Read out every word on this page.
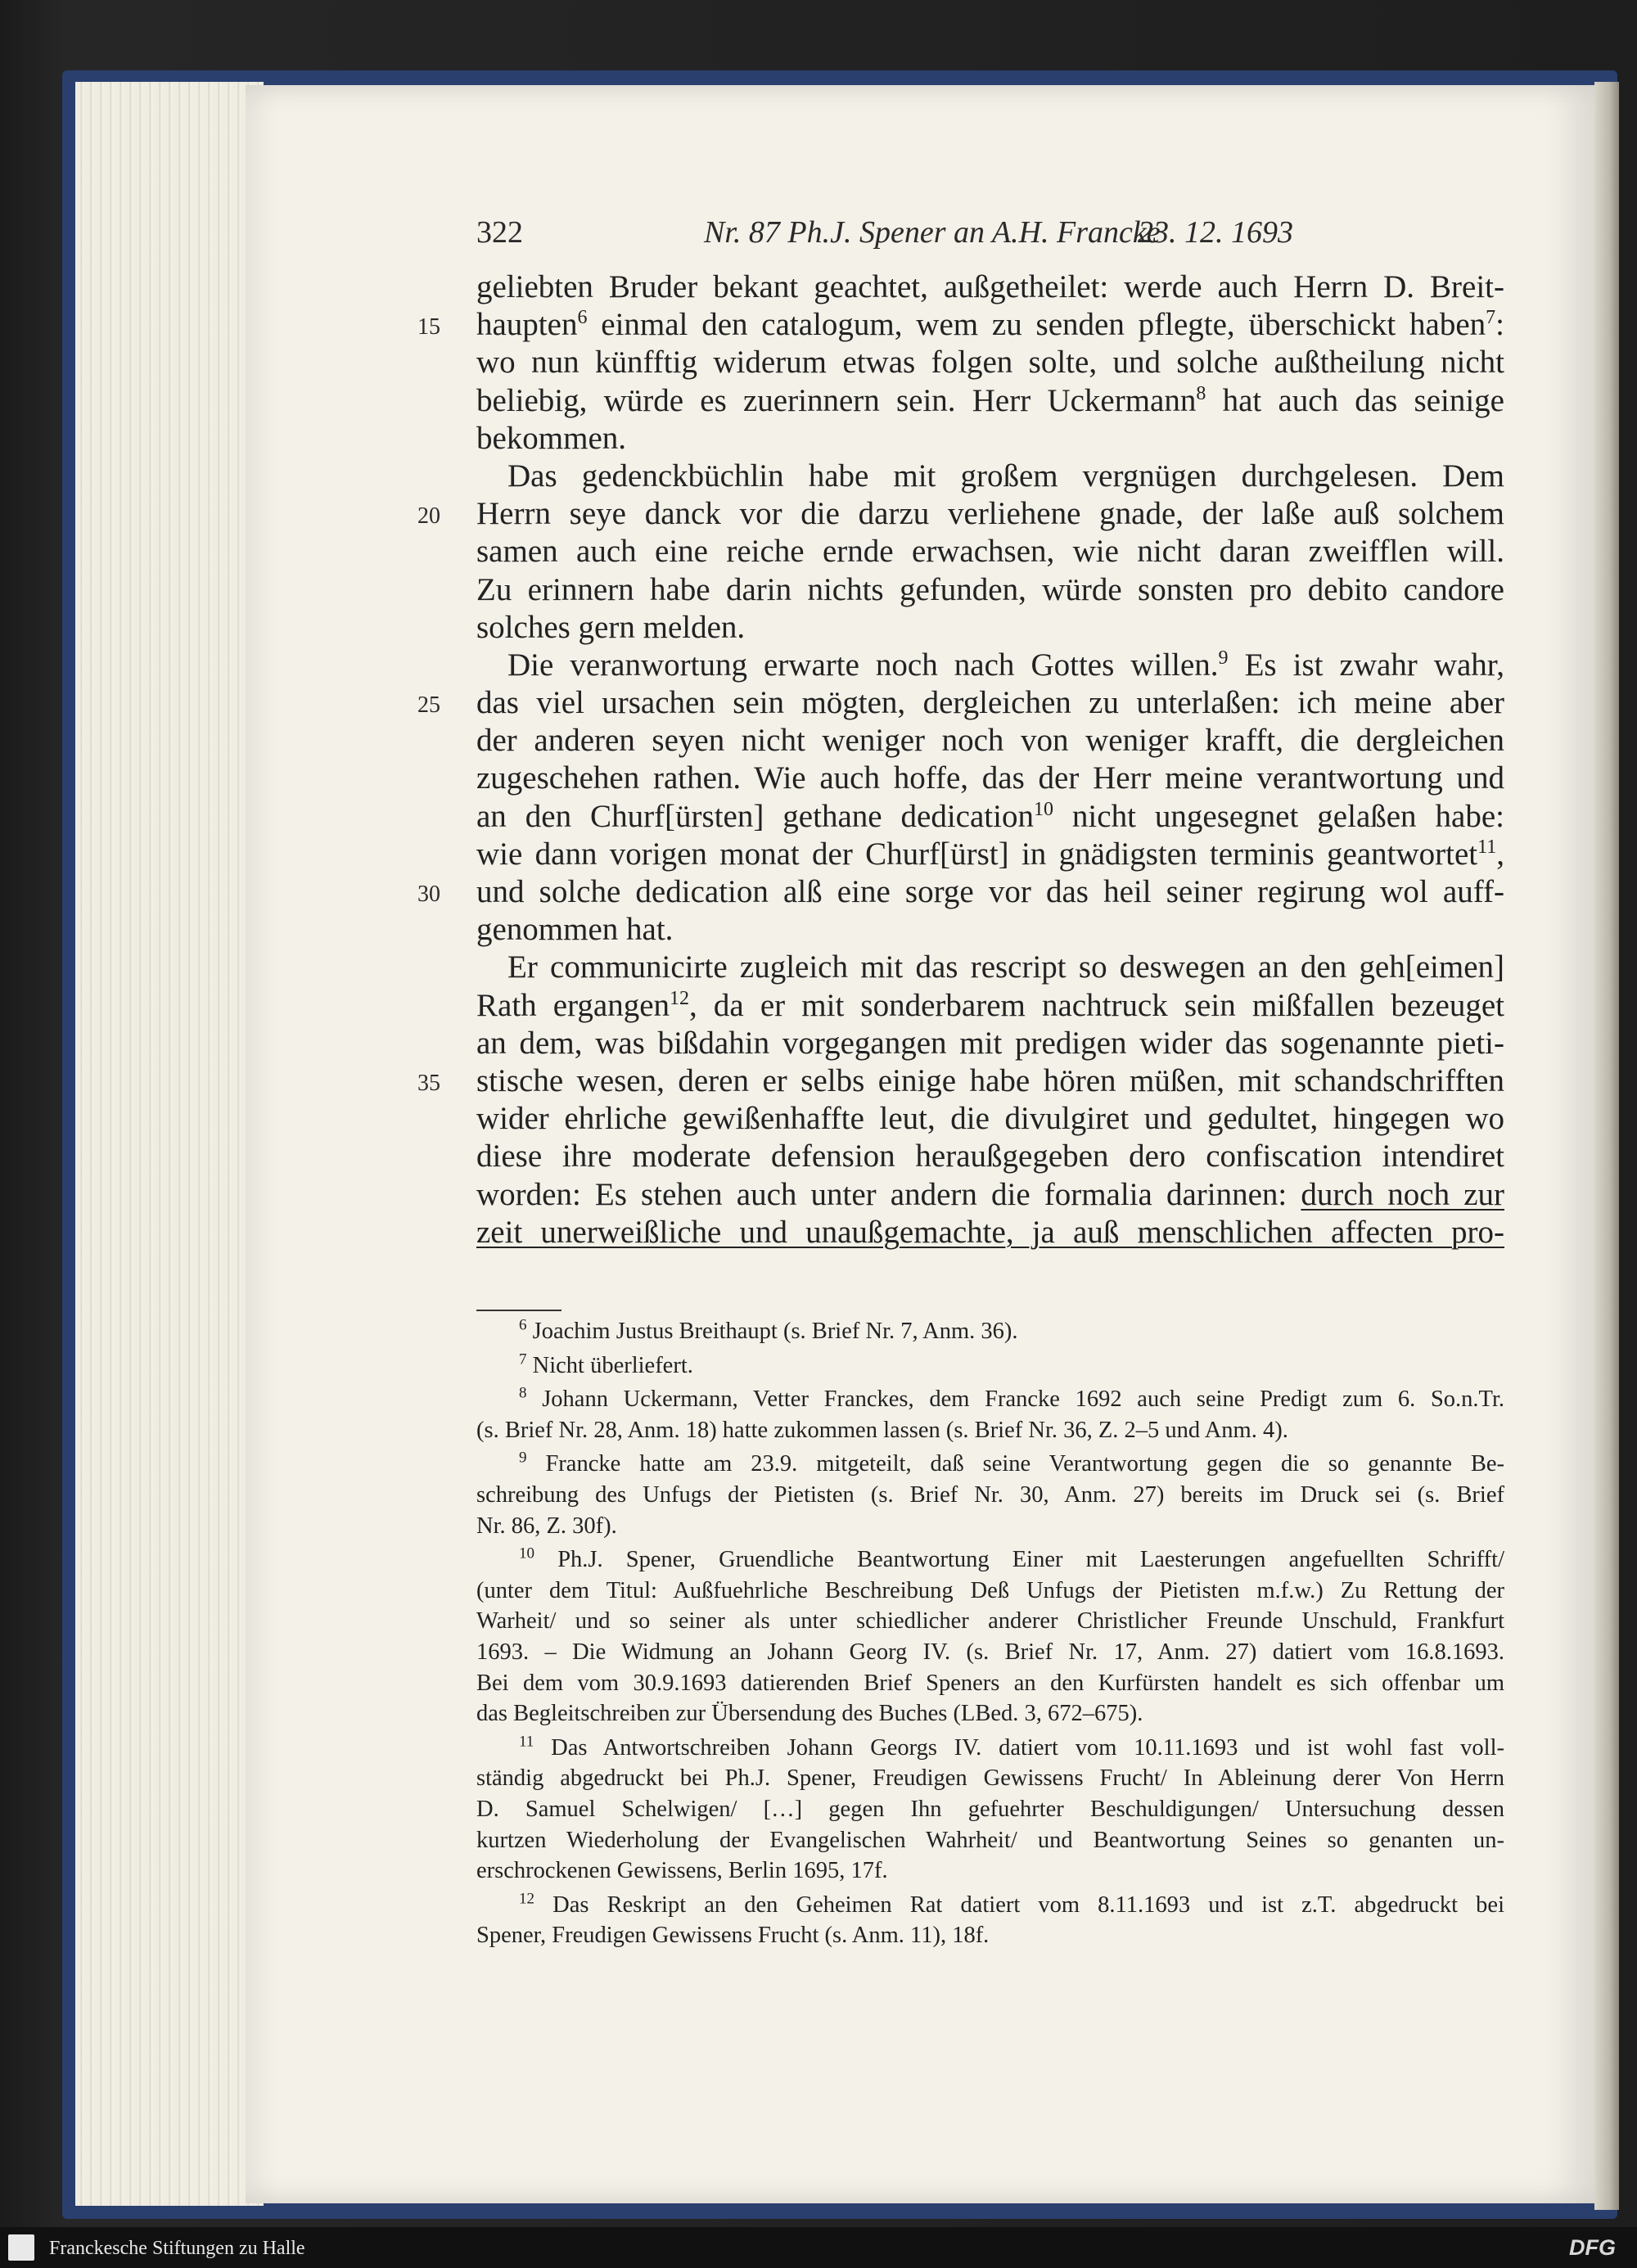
322	Nr. 87 Ph.J. Spener an A.H. Francke
23. 12. 1693
15
20
25
30
35
geliebten Bruder bekant geachtet, außgetheilet: werde auch Herrn D. Breit-
haupten$^6$ einmal den catalogum, wem zu senden pflegte, überschickt haben$^7$:
wo nun künfftig widerum etwas folgen solte, und solche außtheilung nicht
beliebig, würde es zuerinnern sein. Herr Uckermann$^8$ hat auch das seinige
bekommen.
Das gedenckbüchlin habe mit großem vergnügen durchgelesen. Dem
Herrn seye danck vor die darzu verliehene gnade, der laße auß solchem
samen auch eine reiche ernde erwachsen, wie nicht daran zweifflen will.
Zu erinnern habe darin nichts gefunden, würde sonsten pro debito candore
solches gern melden.
Die veranwortung erwarte noch nach Gottes willen.$^9$ Es ist zwahr wahr,
das viel ursachen sein mögten, dergleichen zu unterlaßen: ich meine aber
der anderen seyen nicht weniger noch von weniger krafft, die dergleichen
zugeschehen rathen. Wie auch hoffe, das der Herr meine verantwortung und
an den Churf[ürsten] gethane dedication$^{10}$ nicht ungesegnet gelaßen habe:
wie dann vorigen monat der Churf[ürst] in gnädigsten terminis geantwortet$^{11}$,
und solche dedication alß eine sorge vor das heil seiner regirung wol auff-
genommen hat.
Er communicirte zugleich mit das rescript so deswegen an den geh[eimen]
Rath ergangen$^{12}$, da er mit sonderbarem nachtruck sein mißfallen bezeuget
an dem, was bißdahin vorgegangen mit predigen wider das sogenannte pieti-
stische wesen, deren er selbs einige habe hören müßen, mit schandschrifften
wider ehrliche gewißenhaffte leut, die divulgiret und gedultet, hingegen wo
diese ihre moderate defension heraußgegeben dero confiscation intendiret
worden: Es stehen auch unter andern die formalia darinnen: durch noch zur
zeit unerweißliche und unaußgemachte, ja auß menschlichen affecten pro-
$^6$ Joachim Justus Breithaupt (s. Brief Nr. 7, Anm. 36).
$^7$ Nicht überliefert.
$^8$ Johann Uckermann, Vetter Franckes, dem Francke 1692 auch seine Predigt zum 6. So.n.Tr.
(s. Brief Nr. 28, Anm. 18) hatte zukommen lassen (s. Brief Nr. 36, Z. 2–5 und Anm. 4).
$^9$ Francke hatte am 23.9. mitgeteilt, daß seine Verantwortung gegen die so genannte Be-
schreibung des Unfugs der Pietisten (s. Brief Nr. 30, Anm. 27) bereits im Druck sei (s. Brief
Nr. 86, Z. 30f).
$^{10}$ Ph.J. Spener, Gruendliche Beantwortung Einer mit Laesterungen angefuellten Schrifft/
(unter dem Titul: Außfuehrliche Beschreibung Deß Unfugs der Pietisten m.f.w.) Zu Rettung der
Warheit/ und so seiner als unter schiedlicher anderer Christlicher Freunde Unschuld, Frankfurt
1693. – Die Widmung an Johann Georg IV. (s. Brief Nr. 17, Anm. 27) datiert vom 16.8.1693.
Bei dem vom 30.9.1693 datierenden Brief Speners an den Kurfürsten handelt es sich offenbar um
das Begleitschreiben zur Übersendung des Buches (LBed. 3, 672–675).
$^{11}$ Das Antwortschreiben Johann Georgs IV. datiert vom 10.11.1693 und ist wohl fast voll-
ständig abgedruckt bei Ph.J. Spener, Freudigen Gewissens Frucht/ In Ableinung derer Von Herrn
D. Samuel Schelwigen/ […] gegen Ihn gefuehrter Beschuldigungen/ Untersuchung dessen
kurtzen Wiederholung der Evangelischen Wahrheit/ und Beantwortung Seines so genanten un-
erschrockenen Gewissens, Berlin 1695, 17f.
$^{12}$ Das Reskript an den Geheimen Rat datiert vom 8.11.1693 und ist z.T. abgedruckt bei
Spener, Freudigen Gewissens Frucht (s. Anm. 11), 18f.
Franckesche Stiftungen zu Halle	DFG
